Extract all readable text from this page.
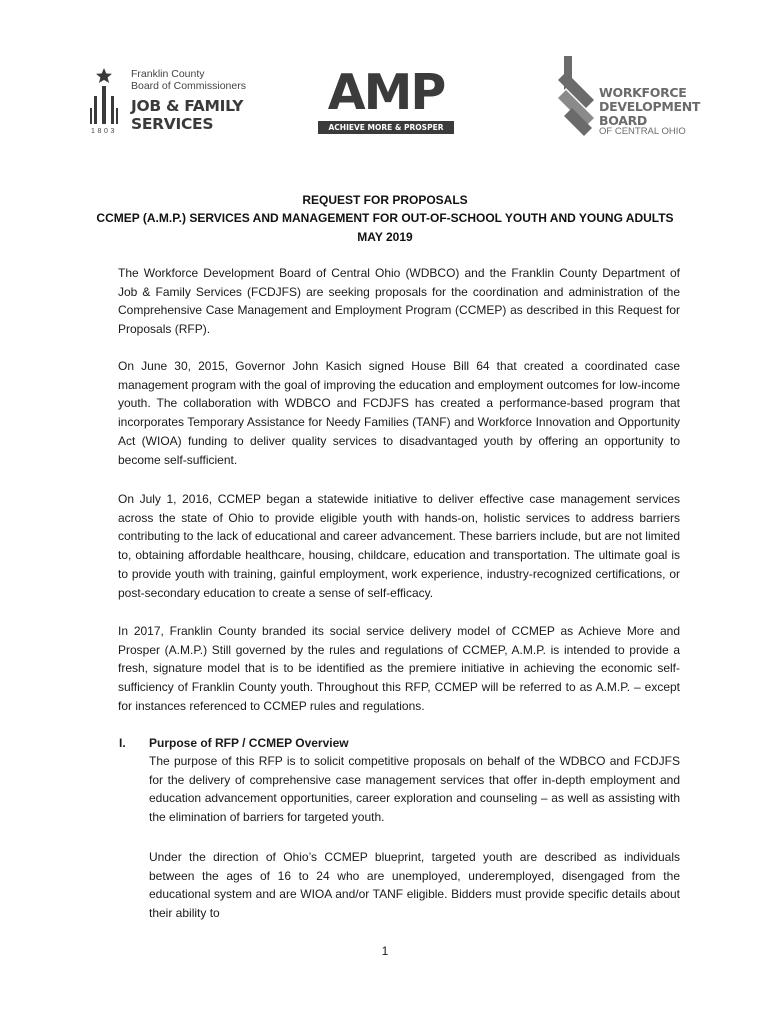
Franklin County
Board of Commissioners
JOB & FAMILY
SERVICES
1803
AMP
ACHIEVE MORE & PROSPER
WORKFORCE
DEVELOPMENT
BOARD
OF CENTRAL OHIO
REQUEST FOR PROPOSALS
CCMEP (A.M.P.) SERVICES AND MANAGEMENT FOR OUT-OF-SCHOOL YOUTH AND YOUNG ADULTS
MAY 2019

The Workforce Development Board of Central Ohio (WDBCO) and the Franklin County Department of Job & Family Services (FCDJFS) are seeking proposals for the coordination and administration of the Comprehensive Case Management and Employment Program (CCMEP) as described in this Request for Proposals (RFP).

On June 30, 2015, Governor John Kasich signed House Bill 64 that created a coordinated case management program with the goal of improving the education and employment outcomes for low-income youth. The collaboration with WDBCO and FCDJFS has created a performance-based program that incorporates Temporary Assistance for Needy Families (TANF) and Workforce Innovation and Opportunity Act (WIOA) funding to deliver quality services to disadvantaged youth by offering an opportunity to become self-sufficient.

On July 1, 2016, CCMEP began a statewide initiative to deliver effective case management services across the state of Ohio to provide eligible youth with hands-on, holistic services to address barriers contributing to the lack of educational and career advancement. These barriers include, but are not limited to, obtaining affordable healthcare, housing, childcare, education and transportation. The ultimate goal is to provide youth with training, gainful employment, work experience, industry-recognized certifications, or post-secondary education to create a sense of self-efficacy.

In 2017, Franklin County branded its social service delivery model of CCMEP as Achieve More and Prosper (A.M.P.) Still governed by the rules and regulations of CCMEP, A.M.P. is intended to provide a fresh, signature model that is to be identified as the premiere initiative in achieving the economic self-sufficiency of Franklin County youth. Throughout this RFP, CCMEP will be referred to as A.M.P. – except for instances referenced to CCMEP rules and regulations.

I. Purpose of RFP / CCMEP Overview

The purpose of this RFP is to solicit competitive proposals on behalf of the WDBCO and FCDJFS for the delivery of comprehensive case management services that offer in-depth employment and education advancement opportunities, career exploration and counseling – as well as assisting with the elimination of barriers for targeted youth.

Under the direction of Ohio’s CCMEP blueprint, targeted youth are described as individuals between the ages of 16 to 24 who are unemployed, underemployed, disengaged from the educational system and are WIOA and/or TANF eligible. Bidders must provide specific details about their ability to

1
